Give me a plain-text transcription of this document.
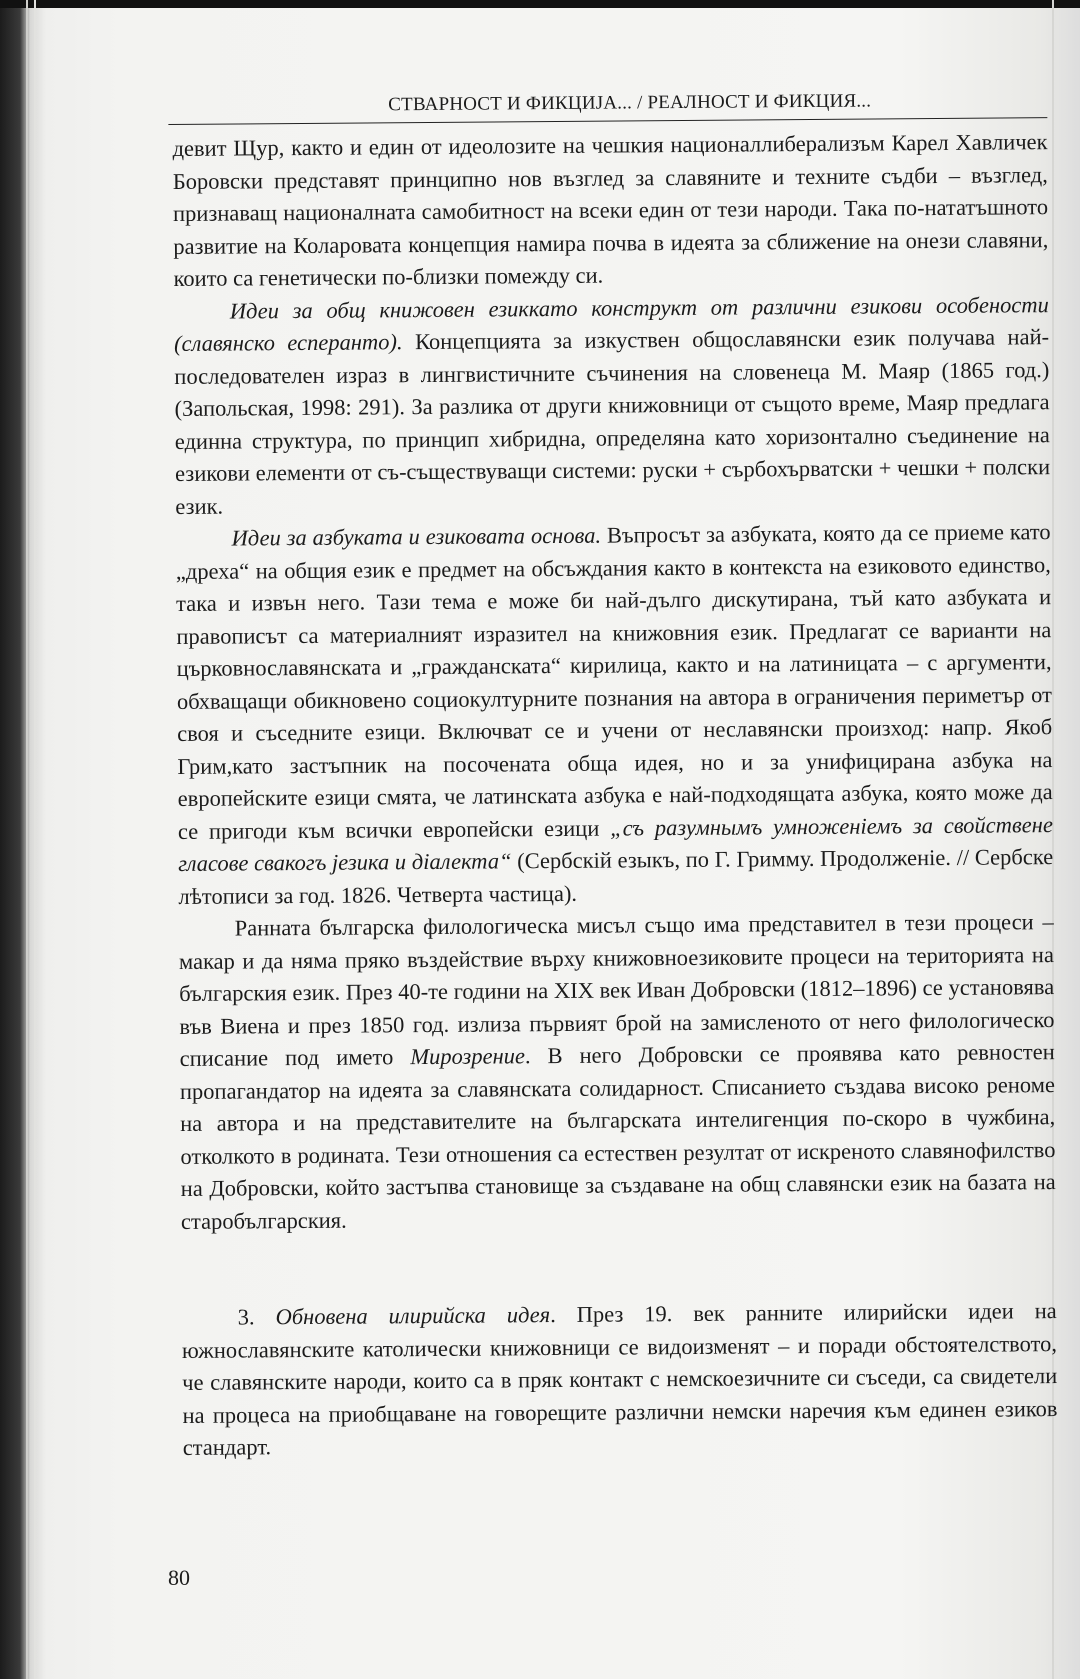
СТВАРНОСТ И ФИКЦИЈА... / РЕАЛНОСТ И ФИКЦИЯ...

девит Щур, както и един от идеолозите на чешкия националлиберализъм Карел Хавличек Боровски представят принципно нов възглед за славяните и техните съдби – възглед, признаващ националната самобитност на всеки един от тези народи. Така по-нататъшното развитие на Коларовата концепция намира почва в идеята за сближение на онези славяни, които са генетически по-близки помежду си.

Идеи за общ книжовен езиккато конструкт от различни езикови особености (славянско есперанто). Концепцията за изкуствен общославянски език получава най-последователен израз в лингвистичните съчинения на словенеца М. Маяр (1865 год.) (Запольская, 1998: 291). За разлика от други книжовници от същото време, Маяр предлага единна структура, по принцип хибридна, определяна като хоризонтално съединение на езикови елементи от съ-съществуващи системи: руски + сърбохърватски + чешки + полски език.

Идеи за азбуката и езиковата основа. Въпросът за азбуката, която да се приеме като „дреха“ на общия език е предмет на обсъждания както в контекста на езиковото единство, така и извън него. Тази тема е може би най-дълго дискутирана, тъй като азбуката и правописът са материалният изразител на книжовния език. Предлагат се варианти на църковнославянската и „гражданската“ кирилица, както и на латиницата – с аргументи, обхващащи обикновено социокултурните познания на автора в ограничения периметър от своя и съседните езици. Включват се и учени от неславянски произход: напр. Якоб Грим,като застъпник на посочената обща идея, но и за унифицирана азбука на европейските езици смята, че латинската азбука е най-подходящата азбука, която може да се пригоди към всички европейски езици „съ разумнымъ умноженiемъ за свойствене гласове свакогъ језика и дiалекта“ (Сербскiй езыкъ, по Г. Гримму. Продолженiе. // Сербске лѣтописи за год. 1826. Четверта частица).

Ранната българска филологическа мисъл също има представител в тези процеси – макар и да няма пряко въздействие върху книжовноезиковите процеси на територията на българския език. През 40-те години на XIX век Иван Добровски (1812–1896) се установява във Виена и през 1850 год. излиза първият брой на замисленото от него филологическо списание под името Мирозрение. В него Добровски се проявява като ревностен пропагандатор на идеята за славянската солидарност. Списанието създава високо реноме на автора и на представителите на българската интелигенция по-скоро в чужбина, отколкото в родината. Тези отношения са естествен резултат от искреното славянофилство на Добровски, който застъпва становище за създаване на общ славянски език на базата на старобългарския.

3. Обновена илирийска идея. През 19. век ранните илирийски идеи на южнославянските католически книжовници се видоизменят – и поради обстоятелството, че славянските народи, които са в пряк контакт с немскоезичните си съседи, са свидетели на процеса на приобщаване на говорещите различни немски наречия към единен езиков стандарт.

80
